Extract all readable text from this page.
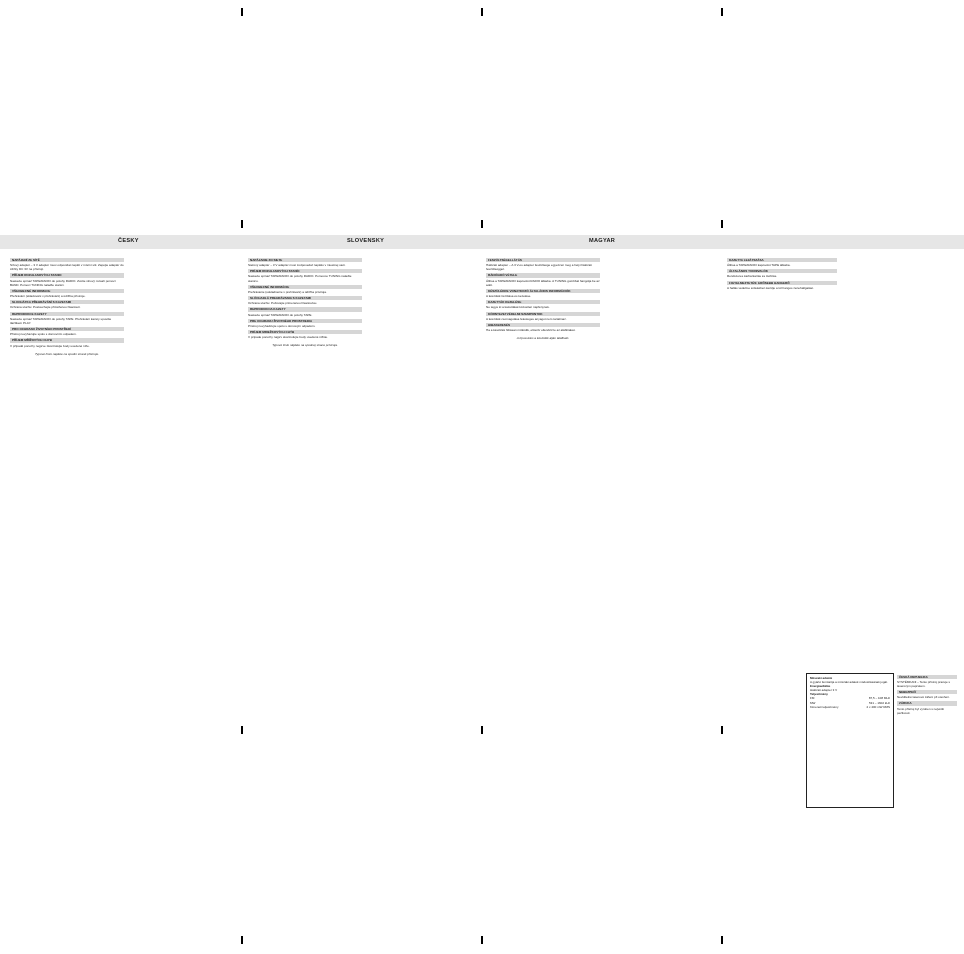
ČESKY	SLOVENSKY	MAGYAR
NAPÁJENÍ ZE SÍTĚ
Síťový adaptér – 3 V adaptér musí odpovídat napětí v místní síti. Zapojte adaptér do zdířky DC 3V na přístroji.
PŘÍJEM ROZHLASOVÝCH STANIC
Nastavte spínač TAPE/RADIO do polohy RADIO. Zvolte vlnový rozsah pomocí BAND. Pomocí TUNING nalaďte stanici.
VŠEOBECNÉ INFORMACE
Přehrávání (skladování v přehrávání) a údržba přístroje.
SLUCHÁTKA PŘEHRÁVÁNÍ S KAZETAMI
Ochrana sluchu: Poslouchejte přiměřenou hlasitostí.
REPRODUKCE KAZETY
Nastavte spínač TAPE/RADIO do polohy TAPE. Přehrávání kazety spustíte tlačítkem PLAY.
PRO OCHRANU ŽIVOTNÍHO PROSTŘEDÍ
Přístroj nevyhazujte spolu s domovním odpadem.
PŘÍJEM MŘÍŽOVÝCH CHYB
V případě poruchy nejprve zkontrolujte body uvedené níže.
Typové číslo najdete na spodní straně přístroje.
NAPÁJANIE ZO SIETE
Sieťový adaptér – 3 V adaptér musí zodpovedať napätiu v miestnej sieti.
PRÍJEM ROZHLASOVÝCH STANÍC
Nastavte spínač TAPE/RADIO do polohy RADIO. Pomocou TUNING nalaďte stanicu.
VŠEOBECNÉ INFORMÁCIE
Prehrávanie (uskladnenie v prehrávaní) a údržba prístroja.
SLÚCHADLÁ PREHRÁVANIA S KAZETAMI
Ochrana sluchu: Počúvajte primeranou hlasitosťou.
REPRODUKCIA KAZETY
Nastavte spínač TAPE/RADIO do polohy TAPE.
PRE OCHRANU ŽIVOTNÉHO PROSTREDIA
Prístroj nevyhadzujte spolu s domovým odpadom.
PRÍJEM MRIEŽKOVÝCH CHÝB
V prípade poruchy najprv skontrolujte body uvedené nižšie.
Typové číslo nájdete na spodnej strane prístroja.
FESZÜLTSÉGELLÁTÁS
Hálózati adapter – A 3 V-os adapter feszültsége egyezzen meg a helyi hálózati feszültséggel.
RÁDIÓADÓ VÉTELE
Állítsa a TAPE/RADIO kapcsolót RADIO állásba. A TUNING gombbal hangolja be az adót.
KÉSZÜLÉKRE VONATKOZÓ ÁLTALÁNOS INFORMÁCIÓK
A készülék tisztítása és kezelése.
KAZETTÁK KEZELÉSE
Ne tegye ki a kazettákat közvetlen napfénynek.
KÖRNYEZETVÉDELMI SZEMPONTOK
A készülék csomagolása felesleges anyagot nem tartalmaz.
HIBAKERESÉS
Ha a készülék hibásan működik, először ellenőrizze az alábbiakat.
A típusszám a készülék alján található.
KAZETTA LEJÁTSZÁSA
Állítsa a TAPE/RADIO kapcsolót TAPE állásba.
ÁLTALÁNOS TUDNIVALÓK
Rendszeres karbantartás és tisztítás.
FIGYELMEZTETÉS: ERŐSEBB HANGERŐ
A hallás védelme érdekében kerülje a túl hangos zenehallgatást.
Műszaki adatok
A gyártó fenntartja a műszaki adatok módosításának jogát.
Energiaellátás
Hálózati adapter 3 V
Teljesítmény
FM	87,5 – 108 MHz
MW	531 – 1602 kHz
Kimeneti teljesítmény	2 x 400 mW RMS
ČESKÁ REPUBLIKA
SYSTÉMKANI – Tento přístroj pracuje s laserovým paprskem.
NEBEZPEČÍ
Neviditelné laserové záření při otevření.
ZÁRUKA
Tento přístroj byl vyroben s největší pečlivostí.
